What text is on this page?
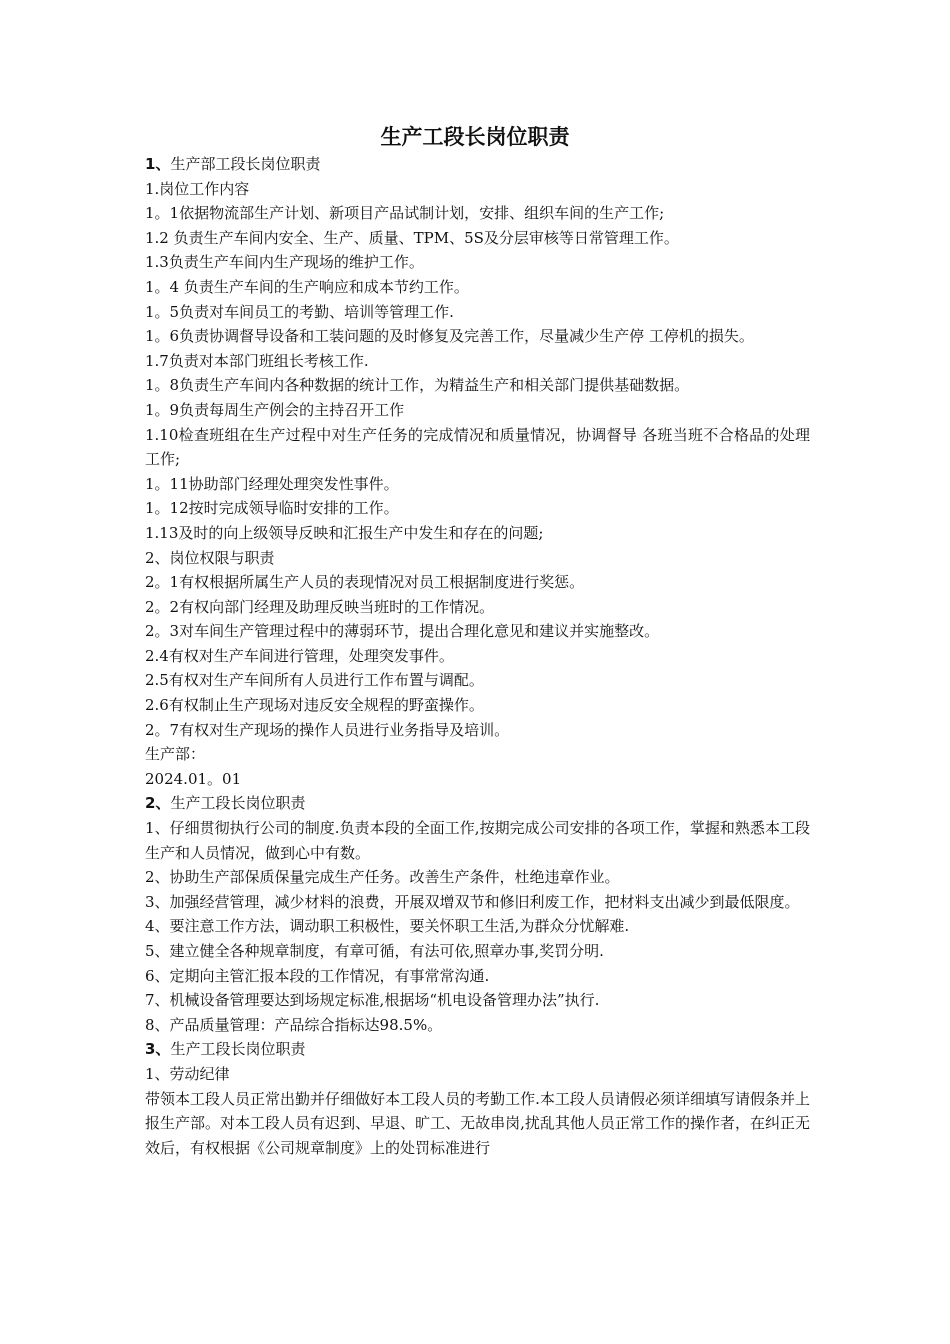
生产工段长岗位职责
1、生产部工段长岗位职责
1.岗位工作内容
1。1依据物流部生产计划、新项目产品试制计划，安排、组织车间的生产工作;
1.2 负责生产车间内安全、生产、质量、TPM、5S及分层审核等日常管理工作。
1.3负责生产车间内生产现场的维护工作。
1。4 负责生产车间的生产响应和成本节约工作。
1。5负责对车间员工的考勤、培训等管理工作.
1。6负责协调督导设备和工装问题的及时修复及完善工作，尽量减少生产停 工停机的损失。
1.7负责对本部门班组长考核工作.
1。8负责生产车间内各种数据的统计工作，为精益生产和相关部门提供基础数据。
1。9负责每周生产例会的主持召开工作
1.10检查班组在生产过程中对生产任务的完成情况和质量情况，协调督导 各班当班不合格品的处理工作;
1。11协助部门经理处理突发性事件。
1。12按时完成领导临时安排的工作。
1.13及时的向上级领导反映和汇报生产中发生和存在的问题;
2、岗位权限与职责
2。1有权根据所属生产人员的表现情况对员工根据制度进行奖惩。
2。2有权向部门经理及助理反映当班时的工作情况。
2。3对车间生产管理过程中的薄弱环节，提出合理化意见和建议并实施整改。
2.4有权对生产车间进行管理，处理突发事件。
2.5有权对生产车间所有人员进行工作布置与调配。
2.6有权制止生产现场对违反安全规程的野蛮操作。
2。7有权对生产现场的操作人员进行业务指导及培训。
生产部：
2024.01。01
2、生产工段长岗位职责
1、仔细贯彻执行公司的制度.负责本段的全面工作,按期完成公司安排的各项工作，掌握和熟悉本工段生产和人员情况，做到心中有数。
2、协助生产部保质保量完成生产任务。改善生产条件，杜绝违章作业。
3、加强经营管理，减少材料的浪费，开展双增双节和修旧利废工作，把材料支出减少到最低限度。
4、要注意工作方法，调动职工积极性，要关怀职工生活,为群众分忧解难.
5、建立健全各种规章制度，有章可循，有法可依,照章办事,奖罚分明.
6、定期向主管汇报本段的工作情况，有事常常沟通.
7、机械设备管理要达到场规定标准,根据场“机电设备管理办法”执行.
8、产品质量管理：产品综合指标达98.5%。
3、生产工段长岗位职责
1、劳动纪律
带领本工段人员正常出勤并仔细做好本工段人员的考勤工作.本工段人员请假必须详细填写请假条并上报生产部。对本工段人员有迟到、早退、旷工、无故串岗,扰乱其他人员正常工作的操作者，在纠正无效后，有权根据《公司规章制度》上的处罚标准进行
